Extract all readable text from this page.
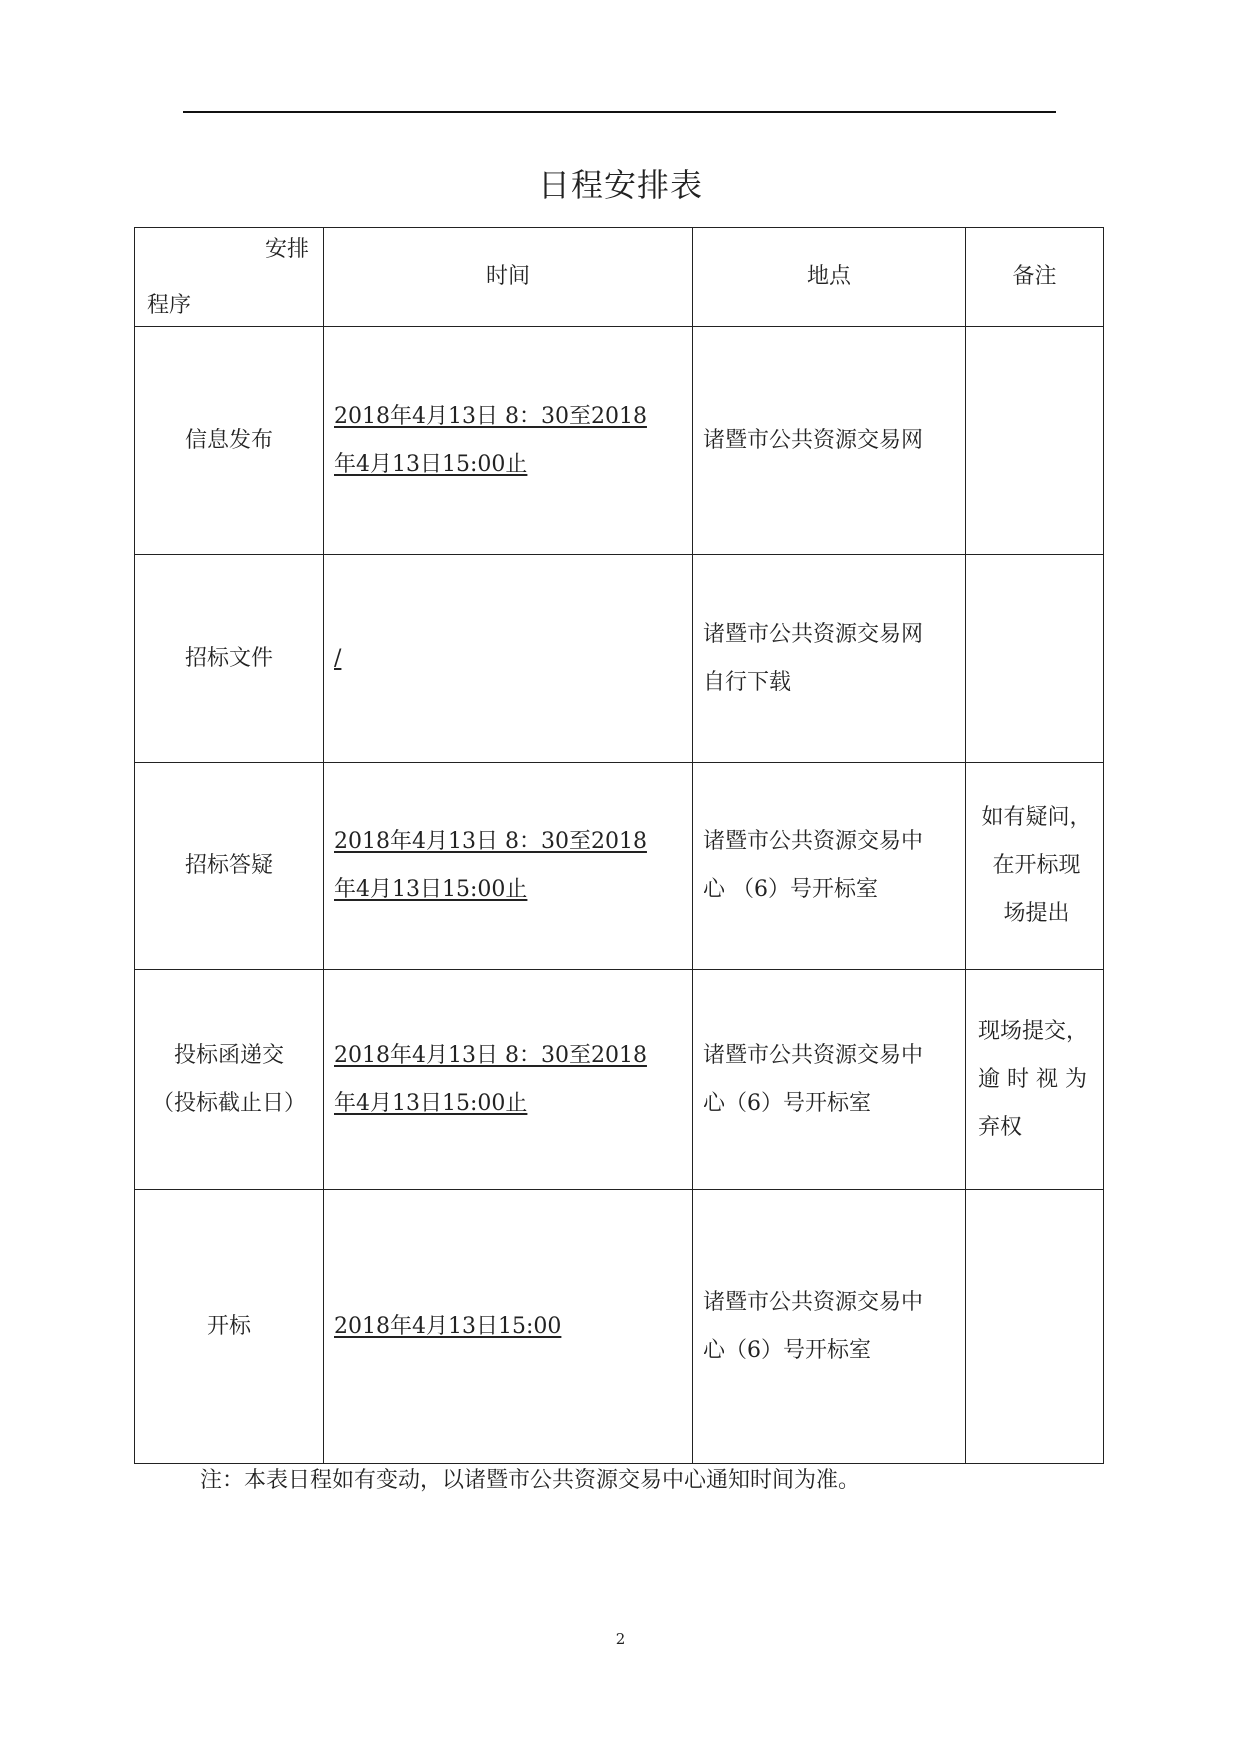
日程安排表
安排
程序	时间	地点	备注
信息发布	2018年4月13日 8：30至2018
年4月13日15:00止	诸暨市公共资源交易网	
招标文件	/	诸暨市公共资源交易网
自行下载	
招标答疑	2018年4月13日 8：30至2018
年4月13日15:00止	诸暨市公共资源交易中
心 （6）号开标室	如有疑问，
在开标现
场提出
投标函递交
（投标截止日）	2018年4月13日 8：30至2018
年4月13日15:00止	诸暨市公共资源交易中
心（6）号开标室	现场提交，
逾 时 视 为
弃权
开标	2018年4月13日15:00	诸暨市公共资源交易中
心（6）号开标室	
注：本表日程如有变动，以诸暨市公共资源交易中心通知时间为准。
2
